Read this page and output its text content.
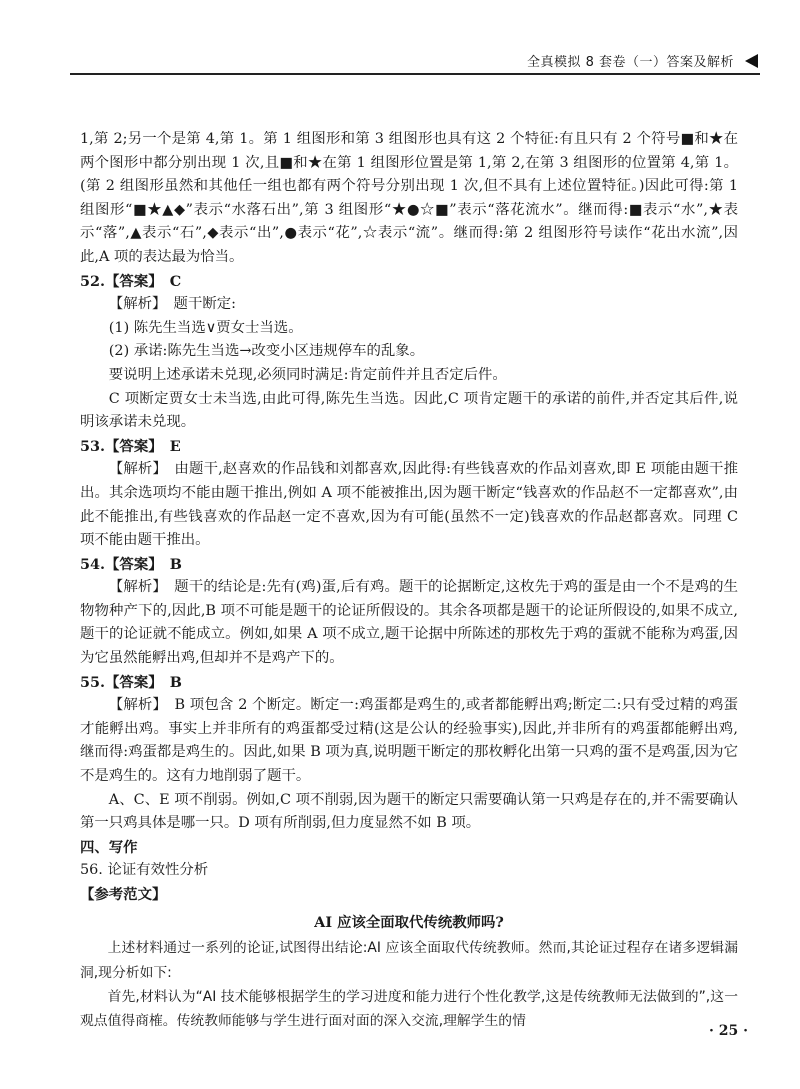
全真模拟 8 套卷（一）答案及解析

1,第 2;另一个是第 4,第 1。第 1 组图形和第 3 组图形也具有这 2 个特征:有且只有 2 个符号■和★在两个图形中都分别出现 1 次,且■和★在第 1 组图形位置是第 1,第 2,在第 3 组图形的位置第 4,第 1。(第 2 组图形虽然和其他任一组也都有两个符号分别出现 1 次,但不具有上述位置特征。)因此可得:第 1 组图形“■★▲◆”表示“水落石出”,第 3 组图形“★●☆■”表示“落花流水”。继而得:■表示“水”,★表示“落”,▲表示“石”,◆表示“出”,●表示“花”,☆表示“流”。继而得:第 2 组图形符号读作“花出水流”,因此,A 项的表达最为恰当。

52.【答案】　C

【解析】　题干断定:

(1) 陈先生当选∨贾女士当选。

(2) 承诺:陈先生当选→改变小区违规停车的乱象。

要说明上述承诺未兑现,必须同时满足:肯定前件并且否定后件。

C 项断定贾女士未当选,由此可得,陈先生当选。因此,C 项肯定题干的承诺的前件,并否定其后件,说明该承诺未兑现。

53.【答案】　E

【解析】　由题干,赵喜欢的作品钱和刘都喜欢,因此得:有些钱喜欢的作品刘喜欢,即 E 项能由题干推出。其余选项均不能由题干推出,例如 A 项不能被推出,因为题干断定“钱喜欢的作品赵不一定都喜欢”,由此不能推出,有些钱喜欢的作品赵一定不喜欢,因为有可能(虽然不一定)钱喜欢的作品赵都喜欢。同理 C 项不能由题干推出。

54.【答案】　B

【解析】　题干的结论是:先有(鸡)蛋,后有鸡。题干的论据断定,这枚先于鸡的蛋是由一个不是鸡的生物物种产下的,因此,B 项不可能是题干的论证所假设的。其余各项都是题干的论证所假设的,如果不成立,题干的论证就不能成立。例如,如果 A 项不成立,题干论据中所陈述的那枚先于鸡的蛋就不能称为鸡蛋,因为它虽然能孵出鸡,但却并不是鸡产下的。

55.【答案】　B

【解析】　B 项包含 2 个断定。断定一:鸡蛋都是鸡生的,或者都能孵出鸡;断定二:只有受过精的鸡蛋才能孵出鸡。事实上并非所有的鸡蛋都受过精(这是公认的经验事实),因此,并非所有的鸡蛋都能孵出鸡,继而得:鸡蛋都是鸡生的。因此,如果 B 项为真,说明题干断定的那枚孵化出第一只鸡的蛋不是鸡蛋,因为它不是鸡生的。这有力地削弱了题干。

A、C、E 项不削弱。例如,C 项不削弱,因为题干的断定只需要确认第一只鸡是存在的,并不需要确认第一只鸡具体是哪一只。D 项有所削弱,但力度显然不如 B 项。

四、写作

56. 论证有效性分析

【参考范文】

AI 应该全面取代传统教师吗?

上述材料通过一系列的论证,试图得出结论:AI 应该全面取代传统教师。然而,其论证过程存在诸多逻辑漏洞,现分析如下:

首先,材料认为“AI 技术能够根据学生的学习进度和能力进行个性化教学,这是传统教师无法做到的”,这一观点值得商榷。传统教师能够与学生进行面对面的深入交流,理解学生的情

· 25 ·
